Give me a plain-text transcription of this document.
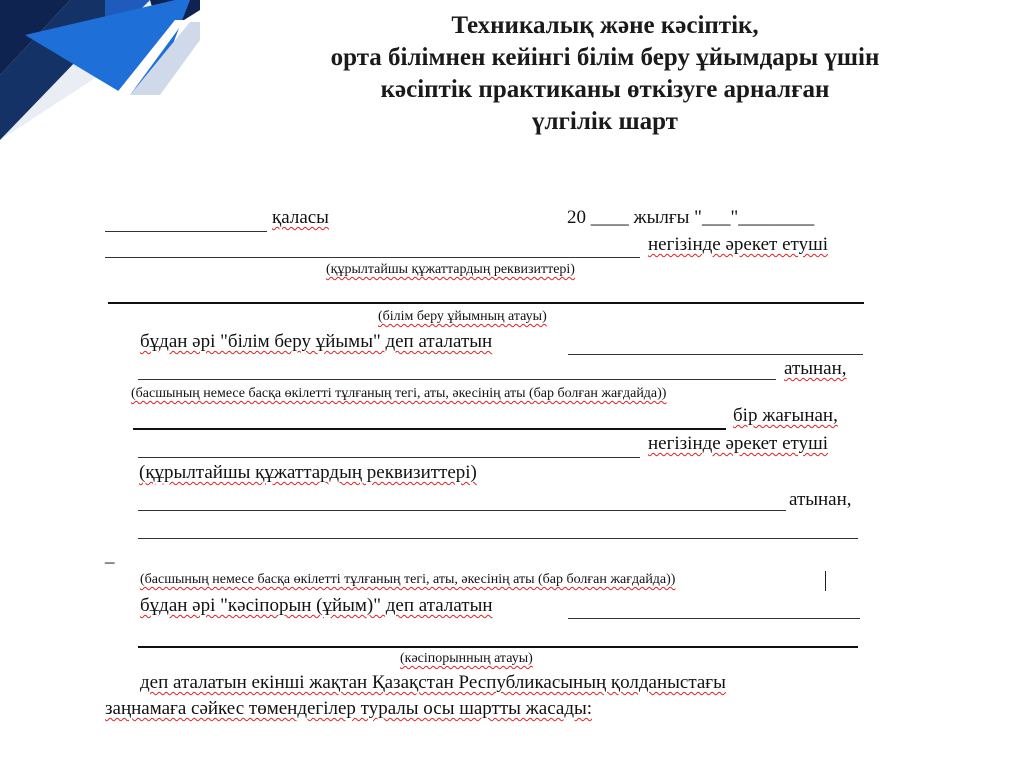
Техникалық және кәсіптік,
орта білімнен кейінгі білім беру ұйымдары үшін
кәсіптік практиканы өткізуге арналған
үлгілік шарт
қаласы	20 ____ жылғы "___"________
негізінде әрекет етуші
(құрылтайшы құжаттардың реквизиттері)
(білім беру ұйымның атауы)
бұдан әрі "білім беру ұйымы" деп аталатын
атынан,
(басшының немесе басқа өкілетті тұлғаның тегі, аты, әкесінің аты (бар болған жағдайда))
бір жағынан,
негізінде әрекет етуші
(құрылтайшы құжаттардың реквизиттері)
атынан,
_
(басшының немесе басқа өкілетті тұлғаның тегі, аты, әкесінің аты (бар болған жағдайда))
бұдан әрі "кәсіпорын (ұйым)" деп аталатын
(кәсіпорынның атауы)
деп аталатын екінші жақтан Қазақстан Республикасының қолданыстағы
заңнамаға сәйкес төмендегілер туралы осы шартты жасады:
